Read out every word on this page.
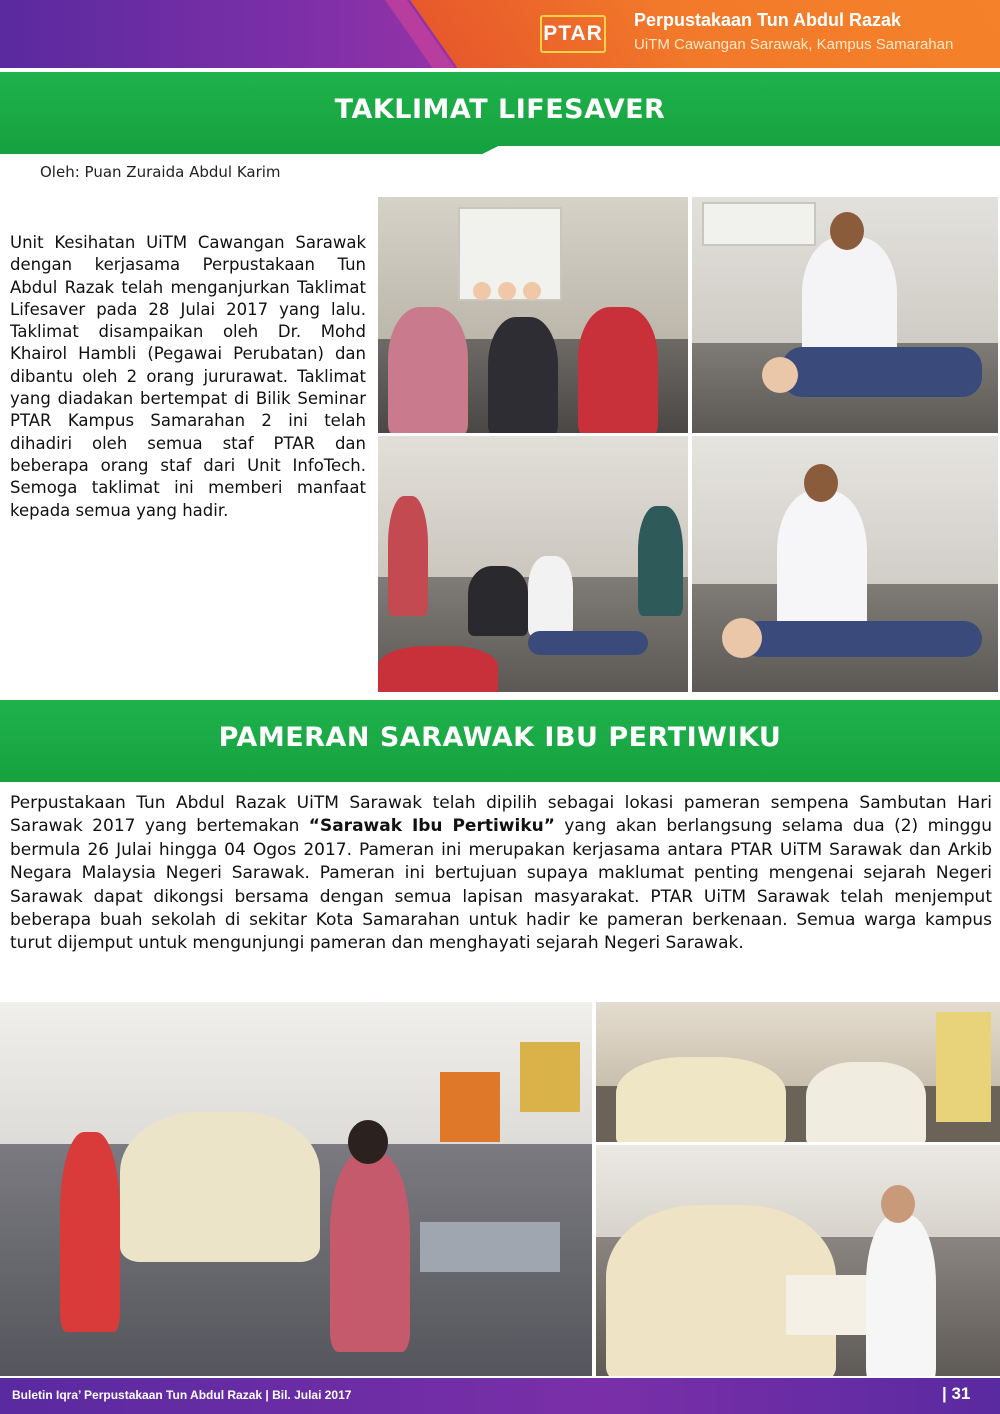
PTAR
Perpustakaan Tun Abdul Razak
UiTM Cawangan Sarawak, Kampus Samarahan
TAKLIMAT LIFESAVER
Oleh: Puan Zuraida Abdul Karim

Unit Kesihatan UiTM Cawangan Sarawak dengan kerjasama Perpustakaan Tun Abdul Razak telah menganjurkan Taklimat Lifesaver pada 28 Julai 2017 yang lalu. Taklimat disampaikan oleh Dr. Mohd Khairol Hambli (Pegawai Perubatan) dan dibantu oleh 2 orang jururawat. Taklimat yang diadakan bertempat di Bilik Seminar PTAR Kampus Samarahan 2 ini telah dihadiri oleh semua staf PTAR dan beberapa orang staf dari Unit InfoTech. Semoga taklimat ini memberi manfaat kepada semua yang hadir.

PAMERAN SARAWAK IBU PERTIWIKU

Perpustakaan Tun Abdul Razak UiTM Sarawak telah dipilih sebagai lokasi pameran sempena Sambutan Hari Sarawak 2017 yang bertemakan “Sarawak Ibu Pertiwiku” yang akan berlangsung selama dua (2) minggu bermula 26 Julai hingga 04 Ogos 2017. Pameran ini merupakan kerjasama antara PTAR UiTM Sarawak dan Arkib Negara Malaysia Negeri Sarawak. Pameran ini bertujuan supaya maklumat penting mengenai sejarah Negeri Sarawak dapat dikongsi bersama dengan semua lapisan masyarakat. PTAR UiTM Sarawak telah menjemput beberapa buah sekolah di sekitar Kota Samarahan untuk hadir ke pameran berkenaan. Semua warga kampus turut dijemput untuk mengunjungi pameran dan menghayati sejarah Negeri Sarawak.

Buletin Iqra’ Perpustakaan Tun Abdul Razak | Bil. Julai 2017	| 31
